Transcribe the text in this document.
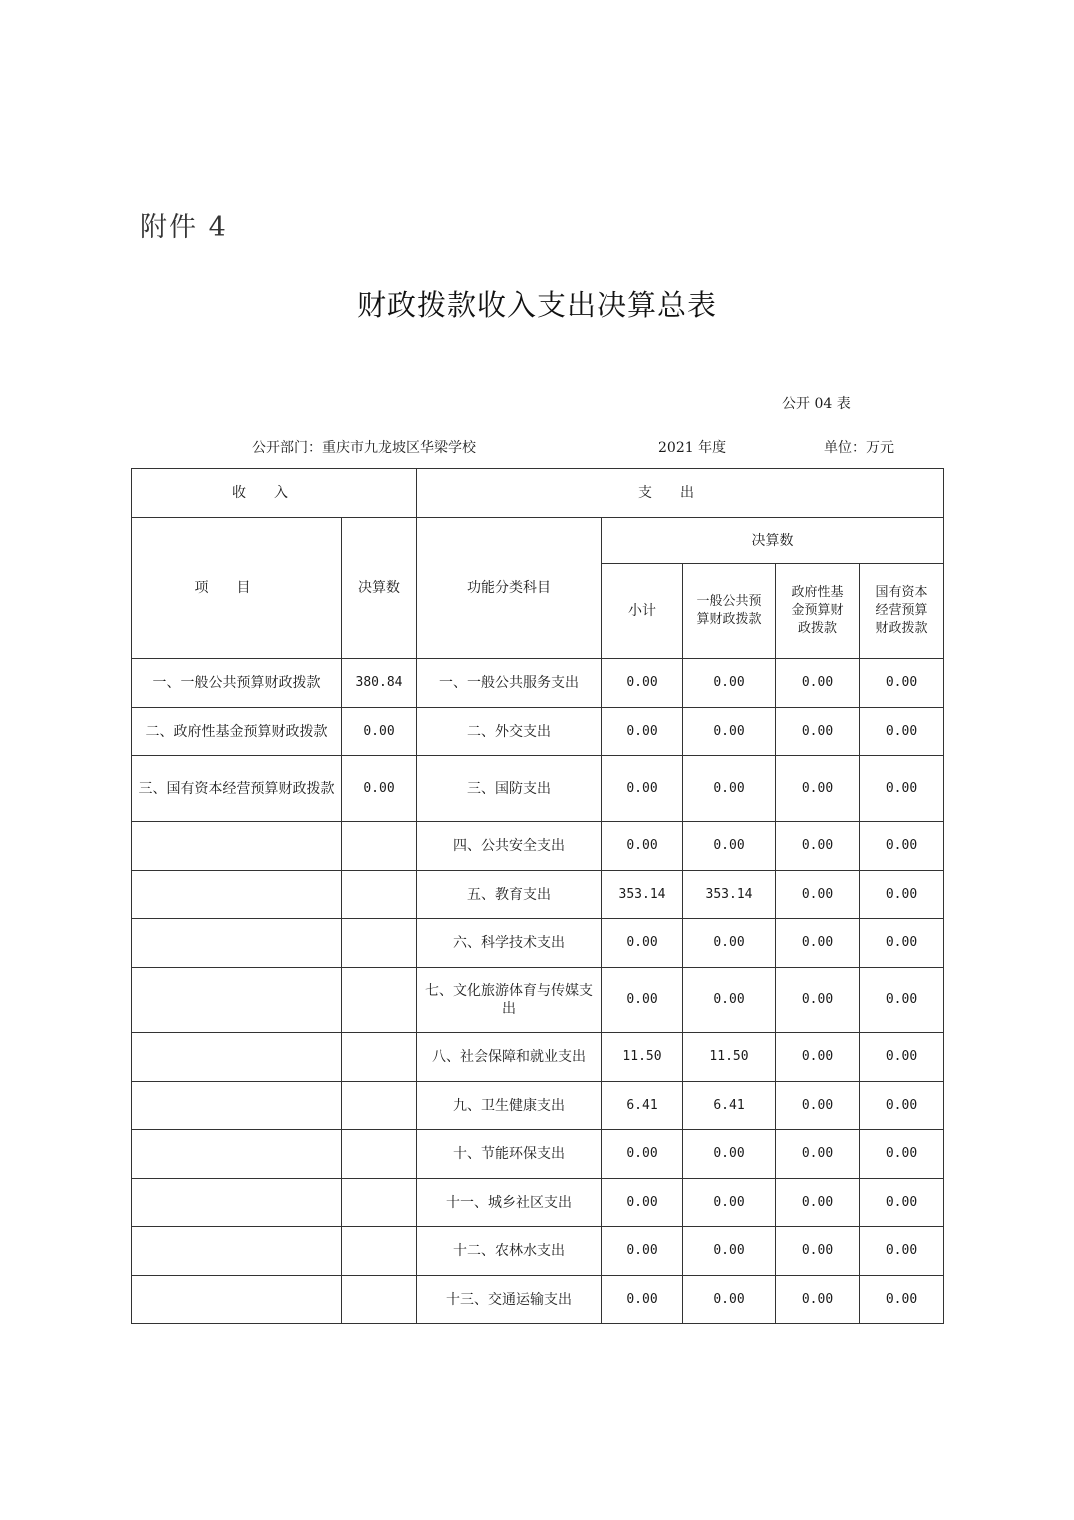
附件 4
财政拨款收入支出决算总表
公开 04 表
公开部门：重庆市九龙坡区华梁学校	2021 年度	单位：万元
收入		支出				
项目	决算数	功能分类科目	决算数			
			小计	一般公共预算财政拨款	政府性基金预算财政拨款	国有资本经营预算财政拨款
一、一般公共预算财政拨款	380.84	一、一般公共服务支出	0.00	0.00	0.00	0.00
二、政府性基金预算财政拨款	0.00	二、外交支出	0.00	0.00	0.00	0.00
三、国有资本经营预算财政拨款	0.00	三、国防支出	0.00	0.00	0.00	0.00
		四、公共安全支出	0.00	0.00	0.00	0.00
		五、教育支出	353.14	353.14	0.00	0.00
		六、科学技术支出	0.00	0.00	0.00	0.00
		七、文化旅游体育与传媒支出	0.00	0.00	0.00	0.00
		八、社会保障和就业支出	11.50	11.50	0.00	0.00
		九、卫生健康支出	6.41	6.41	0.00	0.00
		十、节能环保支出	0.00	0.00	0.00	0.00
		十一、城乡社区支出	0.00	0.00	0.00	0.00
		十二、农林水支出	0.00	0.00	0.00	0.00
		十三、交通运输支出	0.00	0.00	0.00	0.00
